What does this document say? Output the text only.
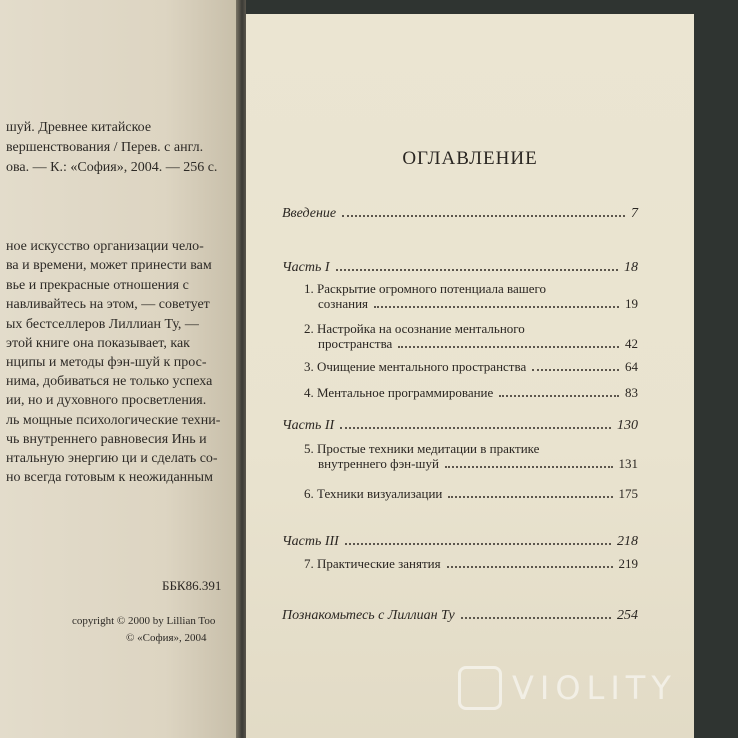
шуй. Древнее китайское
вершенствования / Перев. с англ.
ова. — К.: «София», 2004. — 256 с.
ное искусство организации чело-
ва и времени, может принести вам
вье и прекрасные отношения с
навливайтесь на этом, — советует
ых бестселлеров Лиллиан Ту, —
этой книге она показывает, как
нципы и методы фэн-шуй к прос-
нима, добиваться не только успеха
ии, но и духовного просветления.
ль мощные психологические техни-
чь внутреннего равновесия Инь и
нтальную энергию ци и сделать со-
но всегда готовым к неожиданным
ББК86.391
copyright © 2000 by Lillian Too
© «София», 2004
ОГЛАВЛЕНИЕ
Введение	7
Часть I	18
1. Раскрытие огромного потенциала вашего
сознания	19
2. Настройка на осознание ментального
пространства	42
3. Очищение ментального пространства	64
4. Ментальное программирование	83
Часть II	130
5. Простые техники медитации в практике
внутреннего фэн-шуй	131
6. Техники визуализации	175
Часть III	218
7. Практические занятия	219
Познакомьтесь с Лиллиан Ту	254
VIOLITY
